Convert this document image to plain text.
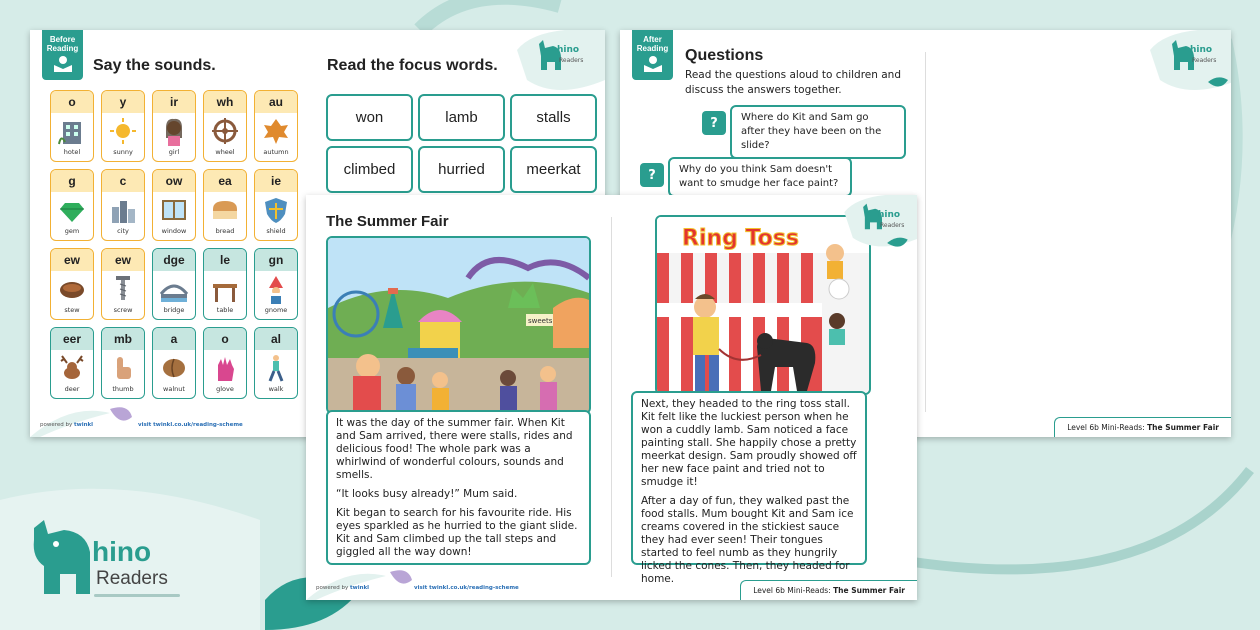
hino
Readers
Before Reading
Say the sounds.	Read the focus words.
o
hotel
y
sunny
ir
girl
wh
wheel
au
autumn
g
gem
c
city
ow
window
ea
bread
ie
shield
ew
stew
ew
screw
dge
bridge
le
table
gn
gnome
eer
deer
mb
thumb
a
walnut
o
glove
al
walk
won	lamb	stalls
climbed	hurried	meerkat
hino
Readers
powered by twinkl	visit twinkl.co.uk/reading-scheme
After Reading Questions
Read the questions aloud to children and discuss the answers together.
?	Where do Kit and Sam go after they have been on the slide?
?	Why do you think Sam doesn't want to smudge her face paint?
hino
Readers
Level 6b Mini-Reads: The Summer Fair
The Summer Fair
sweets

It was the day of the summer fair. When Kit and Sam arrived, there were stalls, rides and delicious food! The whole park was a whirlwind of wonderful colours, sounds and smells.

“It looks busy already!” Mum said.

Kit began to search for his favourite ride. His eyes sparkled as he hurried to the giant slide. Kit and Sam climbed up the tall steps and giggled all the way down!

Ring Toss

Next, they headed to the ring toss stall. Kit felt like the luckiest person when he won a cuddly lamb. Sam noticed a face painting stall. She happily chose a pretty meerkat design. Sam proudly showed off her new face paint and tried not to smudge it!

After a day of fun, they walked past the food stalls. Mum bought Kit and Sam ice creams covered in the stickiest sauce they had ever seen! Their tongues started to feel numb as they hungrily licked the cones. Then, they headed for home.

hino
Readers
powered by twinkl	visit twinkl.co.uk/reading-scheme	Level 6b Mini-Reads: The Summer Fair
